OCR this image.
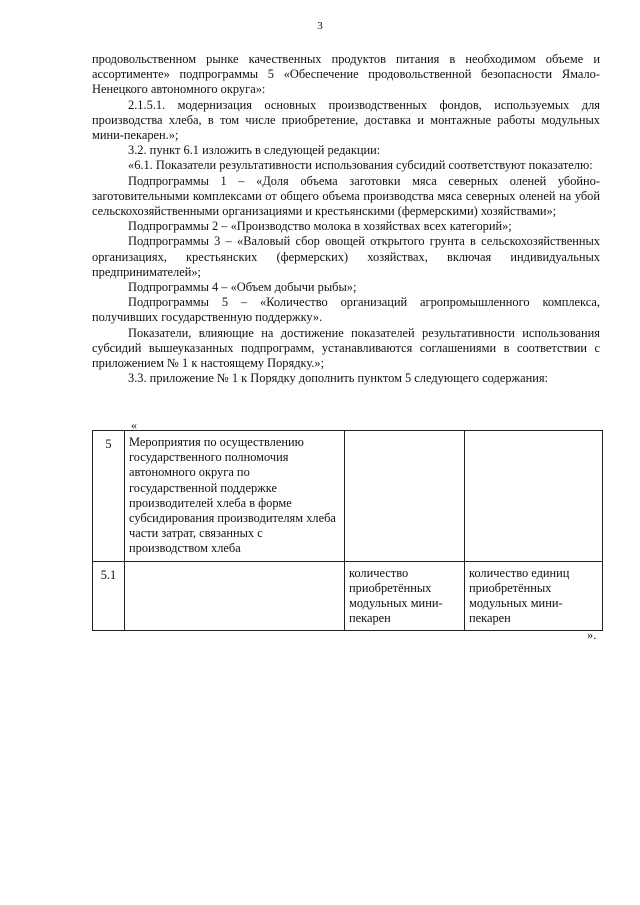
3

продовольственном рынке качественных продуктов питания в необходимом объеме и ассортименте» подпрограммы 5 «Обеспечение продовольственной безопасности Ямало-Ненецкого автономного округа»:

2.1.5.1. модернизация основных производственных фондов, используемых для производства хлеба, в том числе приобретение, доставка и монтажные работы модульных мини-пекарен.»;

3.2. пункт 6.1 изложить в следующей редакции:

«6.1. Показатели результативности использования субсидий соответствуют показателю:

Подпрограммы 1 – «Доля объема заготовки мяса северных оленей убойно-заготовительными комплексами от общего объема производства мяса северных оленей на убой сельскохозяйственными организациями и крестьянскими (фермерскими) хозяйствами»;

Подпрограммы 2 – «Производство молока в хозяйствах всех категорий»;

Подпрограммы 3 – «Валовый сбор овощей открытого грунта в сельскохозяйственных организациях, крестьянских (фермерских) хозяйствах, включая индивидуальных предпринимателей»;

Подпрограммы 4 – «Объем добычи рыбы»;

Подпрограммы 5 – «Количество организаций агропромышленного комплекса, получивших государственную поддержку».

Показатели, влияющие на достижение показателей результативности использования субсидий вышеуказанных подпрограмм, устанавливаются соглашениями в соответствии с приложением № 1 к настоящему Порядку.»;

3.3. приложение № 1 к Порядку дополнить пунктом 5 следующего содержания:

«
5	Мероприятия по осуществлению государственного полномочия автономного округа по государственной поддержке производителей хлеба в форме субсидирования производителям хлеба части затрат, связанных с производством хлеба		
5.1		количество приобретённых модульных мини-пекарен	количество единиц приобретённых модульных мини-пекарен
».
